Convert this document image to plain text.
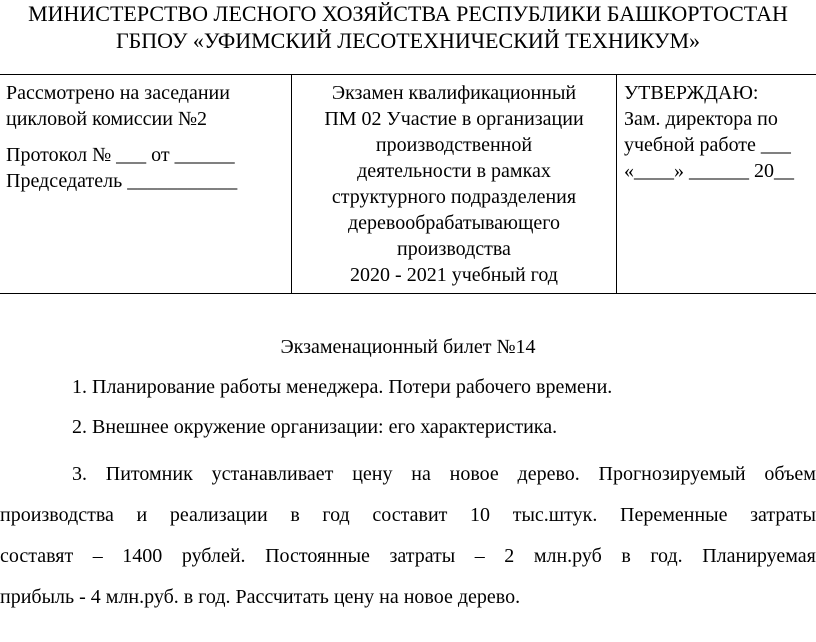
МИНИСТЕРСТВО ЛЕСНОГО ХОЗЯЙСТВА РЕСПУБЛИКИ БАШКОРТОСТАН
ГБПОУ «УФИМСКИЙ ЛЕСОТЕХНИЧЕСКИЙ ТЕХНИКУМ»
Рассмотрено на заседании
цикловой комиссии №2
Протокол № ___ от ______
Председатель ___________
Экзамен квалификационный
ПМ 02 Участие в организации
производственной
деятельности в рамках
структурного подразделения
деревообрабатывающего
производства
2020 - 2021 учебный год
УТВЕРЖДАЮ:
Зам. директора по
учебной работе ___
«____» ______ 20__
Экзаменационный билет №14
1. Планирование работы менеджера. Потери рабочего времени.
2. Внешнее окружение организации: его характеристика.
3. Питомник устанавливает цену на новое дерево. Прогнозируемый объем
производства и реализации в год составит 10 тыс.штук. Переменные затраты
составят – 1400 рублей. Постоянные затраты – 2 млн.руб в год. Планируемая
прибыль - 4 млн.руб. в год. Рассчитать цену на новое дерево.
